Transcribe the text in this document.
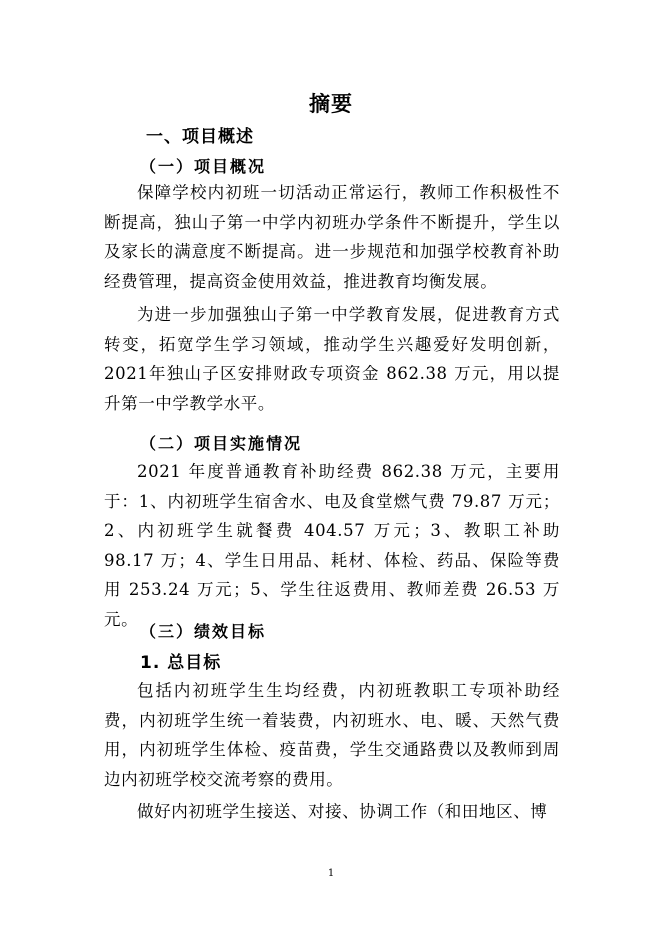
摘要
一、项目概述
（一）项目概况

保障学校内初班一切活动正常运行，教师工作积极性不断提高，独山子第一中学内初班办学条件不断提升，学生以及家长的满意度不断提高。进一步规范和加强学校教育补助经费管理，提高资金使用效益，推进教育均衡发展。

为进一步加强独山子第一中学教育发展，促进教育方式转变，拓宽学生学习领域，推动学生兴趣爱好发明创新，2021年独山子区安排财政专项资金 862.38 万元，用以提升第一中学教学水平。

（二）项目实施情况

2021 年度普通教育补助经费 862.38 万元，主要用于：1、内初班学生宿舍水、电及食堂燃气费 79.87 万元；2、内初班学生就餐费 404.57 万元；3、教职工补助 98.17 万；4、学生日用品、耗材、体检、药品、保险等费用 253.24 万元；5、学生往返费用、教师差费 26.53 万元。

（三）绩效目标
1. 总目标

包括内初班学生生均经费，内初班教职工专项补助经费，内初班学生统一着装费，内初班水、电、暖、天然气费用，内初班学生体检、疫苗费，学生交通路费以及教师到周边内初班学校交流考察的费用。

做好内初班学生接送、对接、协调工作（和田地区、博

1
